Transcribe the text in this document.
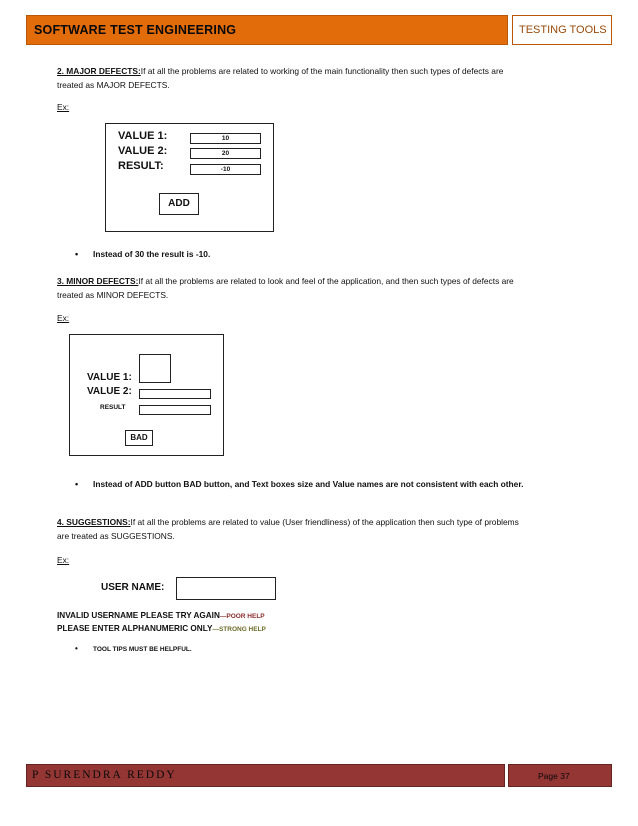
SOFTWARE TEST ENGINEERING	TESTING TOOLS
2. MAJOR DEFECTS:If at all the problems are related to working of the main functionality then such types of defects are
treated as MAJOR DEFECTS.
Ex:
VALUE 1:	10
VALUE 2:	20
RESULT:	-10
ADD
• Instead of 30 the result is -10.
3. MINOR DEFECTS:If at all the problems are related to look and feel of the application, and then such types of defects are
treated as MINOR DEFECTS.
Ex:
VALUE 1:
VALUE 2:
RESULT
BAD
• Instead of ADD button BAD button, and Text boxes size and Value names are not consistent with each other.
4. SUGGESTIONS:If at all the problems are related to value (User friendliness) of the application then such type of problems
are treated as SUGGESTIONS.
Ex:
USER NAME:
INVALID USERNAME PLEASE TRY AGAIN—POOR HELP
PLEASE ENTER ALPHANUMERIC ONLY—STRONG HELP
• TOOL TIPS MUST BE HELPFUL.
P SURENDRA REDDY	Page 37
